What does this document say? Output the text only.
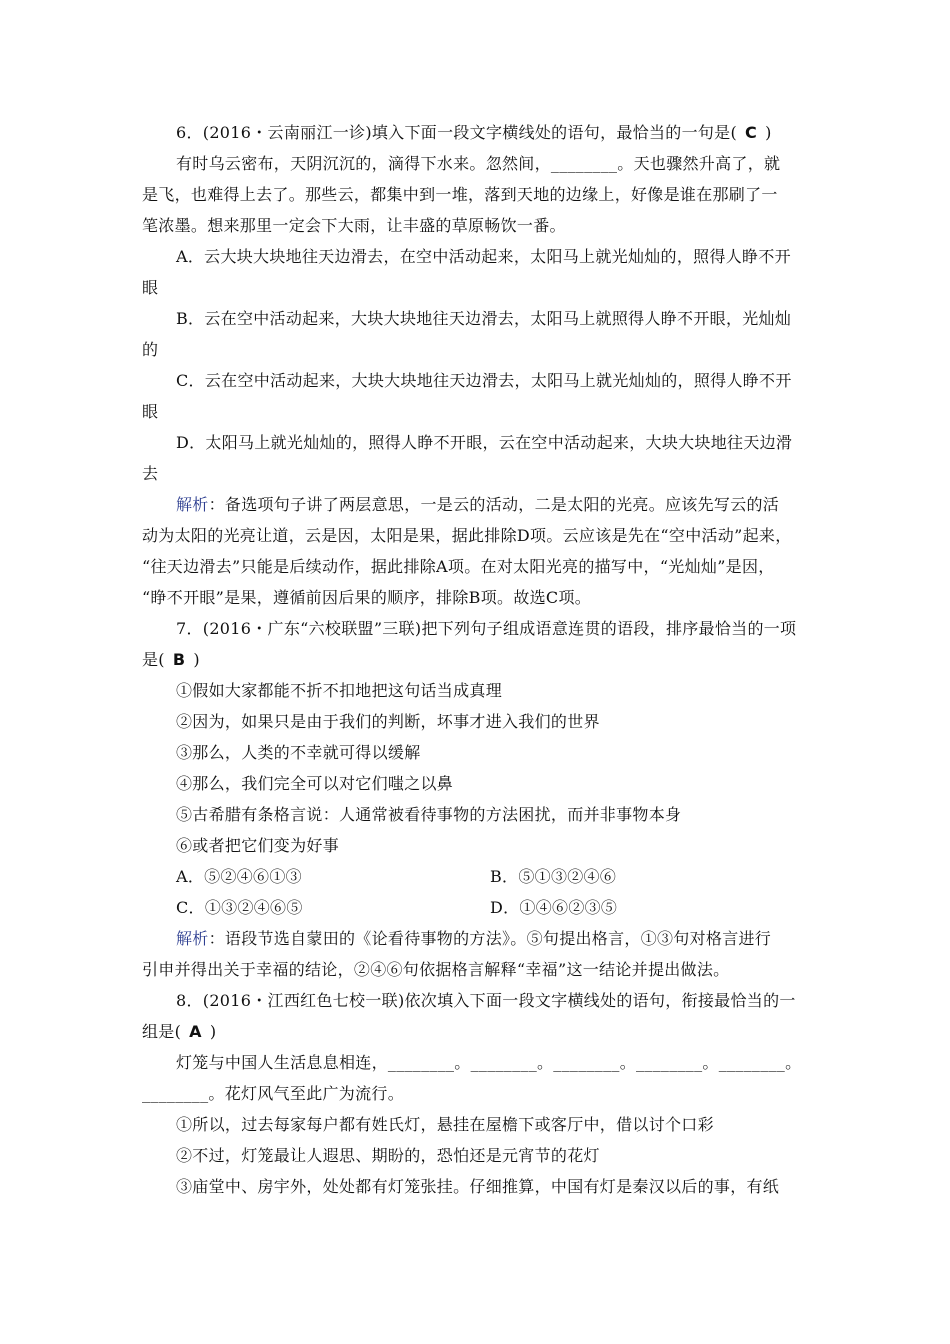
6．(2016・云南丽江一诊)填入下面一段文字横线处的语句，最恰当的一句是( C )
有时乌云密布，天阴沉沉的，滴得下水来。忽然间，________。天也骤然升高了，就
是飞，也难得上去了。那些云，都集中到一堆，落到天地的边缘上，好像是谁在那刷了一
笔浓墨。想来那里一定会下大雨，让丰盛的草原畅饮一番。
A．云大块大块地往天边滑去，在空中活动起来，太阳马上就光灿灿的，照得人睁不开
眼
B．云在空中活动起来，大块大块地往天边滑去，太阳马上就照得人睁不开眼，光灿灿
的
C．云在空中活动起来，大块大块地往天边滑去，太阳马上就光灿灿的，照得人睁不开
眼
D．太阳马上就光灿灿的，照得人睁不开眼，云在空中活动起来，大块大块地往天边滑
去
解析：备选项句子讲了两层意思，一是云的活动，二是太阳的光亮。应该先写云的活
动为太阳的光亮让道，云是因，太阳是果，据此排除D项。云应该是先在“空中活动”起来，
“往天边滑去”只能是后续动作，据此排除A项。在对太阳光亮的描写中，“光灿灿”是因，
“睁不开眼”是果，遵循前因后果的顺序，排除B项。故选C项。
7．(2016・广东“六校联盟”三联)把下列句子组成语意连贯的语段，排序最恰当的一项
是( B )
①假如大家都能不折不扣地把这句话当成真理
②因为，如果只是由于我们的判断，坏事才进入我们的世界
③那么，人类的不幸就可得以缓解
④那么，我们完全可以对它们嗤之以鼻
⑤古希腊有条格言说：人通常被看待事物的方法困扰，而并非事物本身
⑥或者把它们变为好事
A．⑤②④⑥①③	B．⑤①③②④⑥
C．①③②④⑥⑤	D．①④⑥②③⑤
解析：语段节选自蒙田的《论看待事物的方法》。⑤句提出格言，①③句对格言进行
引申并得出关于幸福的结论，②④⑥句依据格言解释“幸福”这一结论并提出做法。
8．(2016・江西红色七校一联)依次填入下面一段文字横线处的语句，衔接最恰当的一
组是( A )
灯笼与中国人生活息息相连，________。________。________。________。________。
________。花灯风气至此广为流行。
①所以，过去每家每户都有姓氏灯，悬挂在屋檐下或客厅中，借以讨个口彩
②不过，灯笼最让人遐思、期盼的，恐怕还是元宵节的花灯
③庙堂中、房宇外，处处都有灯笼张挂。仔细推算，中国有灯是秦汉以后的事，有纸
